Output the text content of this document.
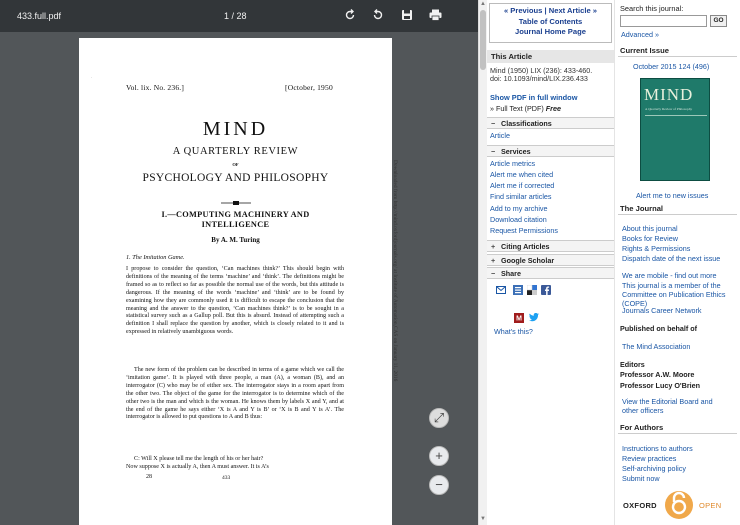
433.full.pdf	1 / 28
·
Vol. lix. No. 236.]	[October, 1950
MIND
A QUARTERLY REVIEW
OF
PSYCHOLOGY AND PHILOSOPHY
I.—COMPUTING MACHINERY AND
INTELLIGENCE
By A. M. Turing
1. The Imitation Game.

I propose to consider the question, ‘Can machines think?’ This should begin with definitions of the meaning of the terms ‘machine’ and ‘think’. The definitions might be framed so as to reflect so far as possible the normal use of the words, but this attitude is dangerous. If the meaning of the words ‘machine’ and ‘think’ are to be found by examining how they are commonly used it is difficult to escape the conclusion that the meaning and the answer to the question, ‘Can machines think?’ is to be sought in a statistical survey such as a Gallup poll. But this is absurd. Instead of attempting such a definition I shall replace the question by another, which is closely related to it and is expressed in relatively unambiguous words.

The new form of the problem can be described in terms of a game which we call the ‘imitation game’. It is played with three people, a man (A), a woman (B), and an interrogator (C) who may be of either sex. The interrogator stays in a room apart from the other two. The object of the game for the interrogator is to determine which of the other two is the man and which is the woman. He knows them by labels X and Y, and at the end of the game he says either ‘X is A and Y is B’ or ‘X is B and Y is A’. The interrogator is allowed to put questions to A and B thus:

C: Will X please tell me the length of his or her hair?

Now suppose X is actually A, then A must answer. It is A’s

28	433
Downloaded from http://mind.oxfordjournals.org/ at Institute of Automation,CAS on January 11, 2016
⤢
+
−
▲
▼
« Previous | Next Article »
Table of Contents
Journal Home Page
This Article
Mind (1950) LIX (236): 433-460.
doi: 10.1093/mind/LIX.236.433
Show PDF in full window
» Full Text (PDF) Free
− Classifications
Article
− Services
Article metrics
Alert me when cited
Alert me if corrected
Find similar articles
Add to my archive
Download citation
Request Permissions
+ Citing Articles
+ Google Scholar
− Share
M
What's this?
Search this journal:
GO
Advanced »
Current Issue
October 2015 124 (496)
MIND
A Quarterly Review of Philosophy
Alert me to new issues
The Journal
About this journal
Books for Review
Rights & Permissions
Dispatch date of the next issue
We are mobile - find out more
This journal is a member of the Committee on Publication Ethics (COPE)
Journals Career Network
Published on behalf of
The Mind Association
Editors
Professor A.W. Moore
Professor Lucy O'Brien
View the Editorial Board and other officers
For Authors
Instructions to authors
Review practices
Self-archiving policy
Submit now
OXFORD	OPEN
